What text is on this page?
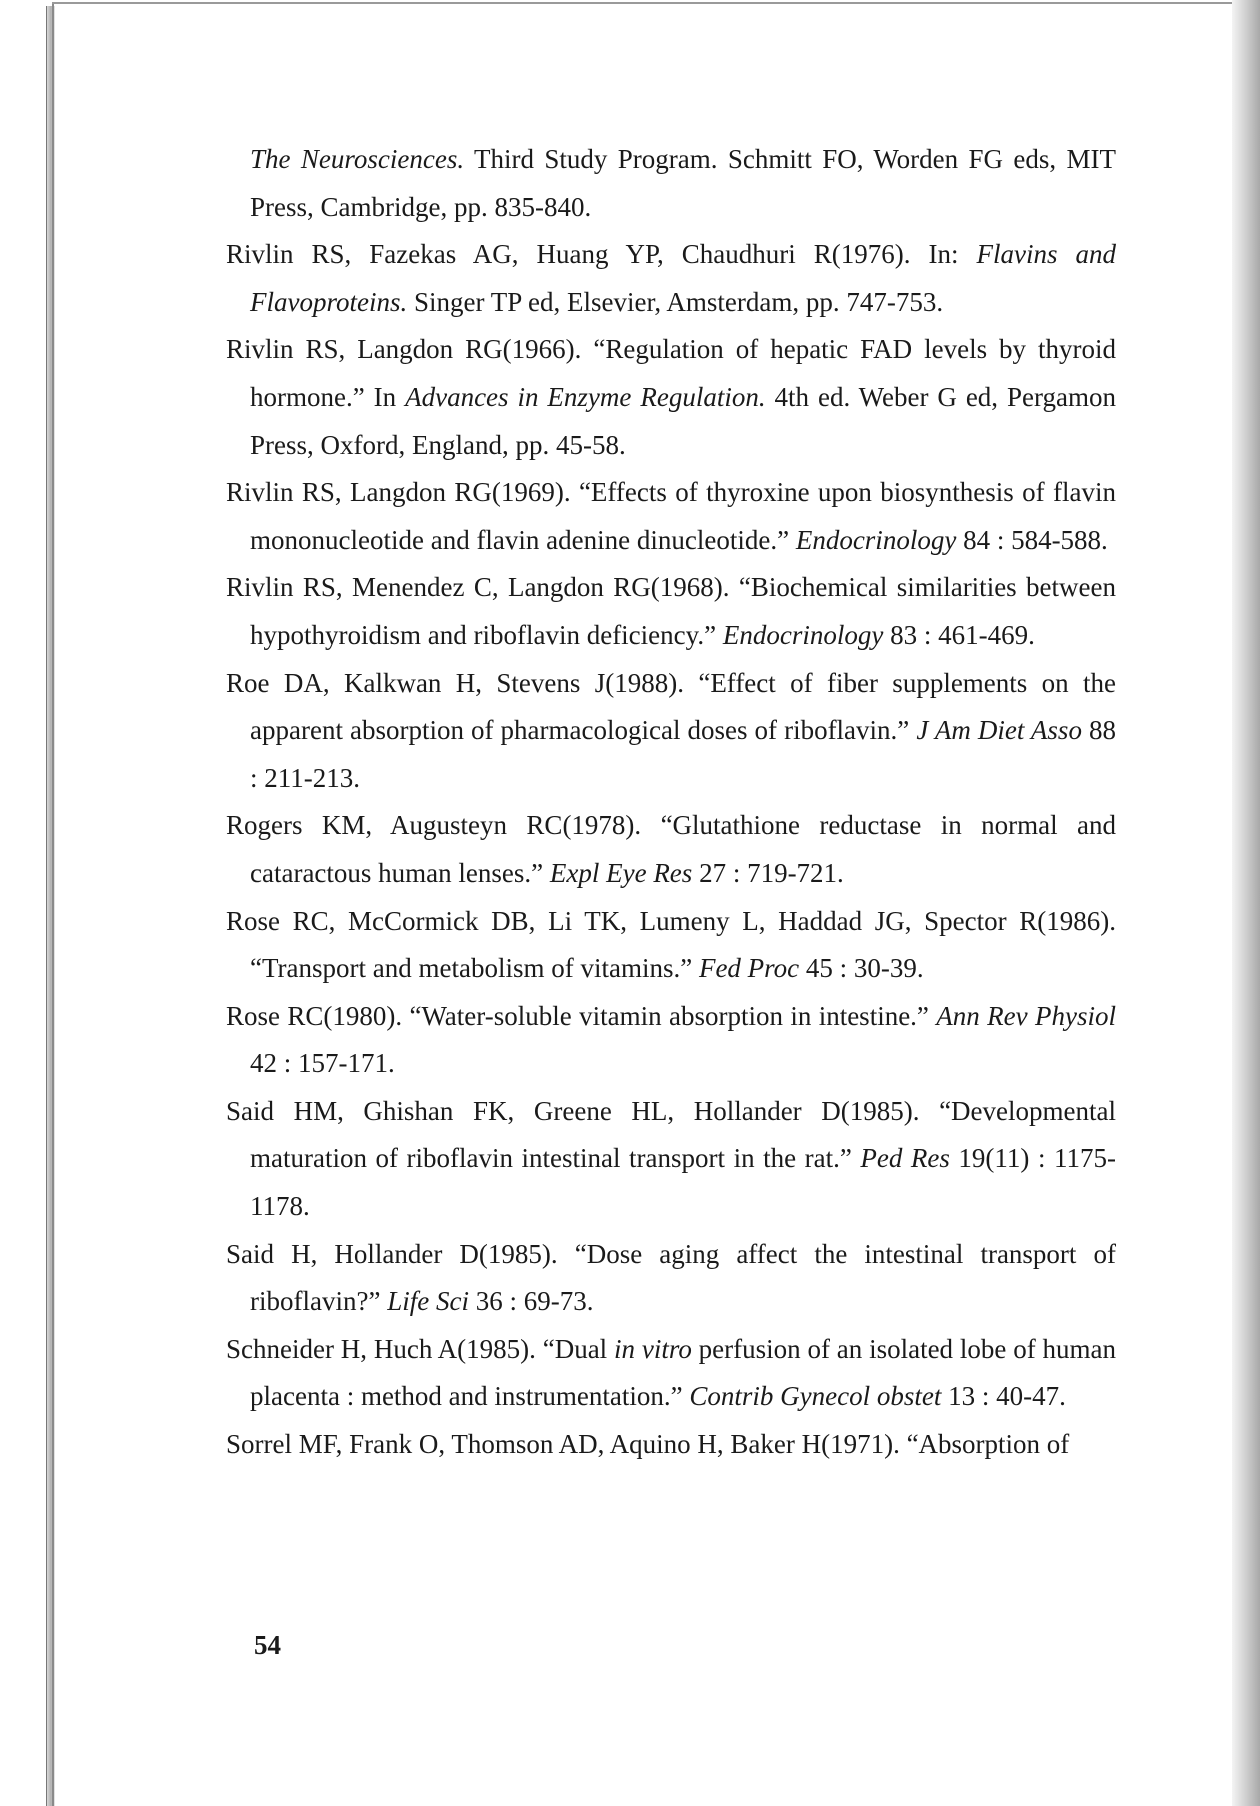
The Neurosciences. Third Study Program. Schmitt FO, Worden FG eds, MIT Press, Cambridge, pp. 835-840.

Rivlin RS, Fazekas AG, Huang YP, Chaudhuri R(1976). In: Flavins and Flavoproteins. Singer TP ed, Elsevier, Amsterdam, pp. 747-753.

Rivlin RS, Langdon RG(1966). “Regulation of hepatic FAD levels by thyroid hormone.” In Advances in Enzyme Regulation. 4th ed. Weber G ed, Pergamon Press, Oxford, England, pp. 45-58.

Rivlin RS, Langdon RG(1969). “Effects of thyroxine upon biosynthesis of flavin mononucleotide and flavin adenine dinucleotide.” Endocrinology 84 : 584-588.

Rivlin RS, Menendez C, Langdon RG(1968). “Biochemical similarities between hypothyroidism and riboflavin deficiency.” Endocrinology 83 : 461-469.

Roe DA, Kalkwan H, Stevens J(1988). “Effect of fiber supplements on the apparent absorption of pharmacological doses of riboflavin.” J Am Diet Asso 88 : 211-213.

Rogers KM, Augusteyn RC(1978). “Glutathione reductase in normal and cataractous human lenses.” Expl Eye Res 27 : 719-721.

Rose RC, McCormick DB, Li TK, Lumeny L, Haddad JG, Spector R(1986). “Transport and metabolism of vitamins.” Fed Proc 45 : 30-39.

Rose RC(1980). “Water-soluble vitamin absorption in intestine.” Ann Rev Physiol 42 : 157-171.

Said HM, Ghishan FK, Greene HL, Hollander D(1985). “Developmental maturation of riboflavin intestinal transport in the rat.” Ped Res 19(11) : 1175-1178.

Said H, Hollander D(1985). “Dose aging affect the intestinal transport of riboflavin?” Life Sci 36 : 69-73.

Schneider H, Huch A(1985). “Dual in vitro perfusion of an isolated lobe of human placenta : method and instrumentation.” Contrib Gynecol obstet 13 : 40-47.

Sorrel MF, Frank O, Thomson AD, Aquino H, Baker H(1971). “Absorption of

54
